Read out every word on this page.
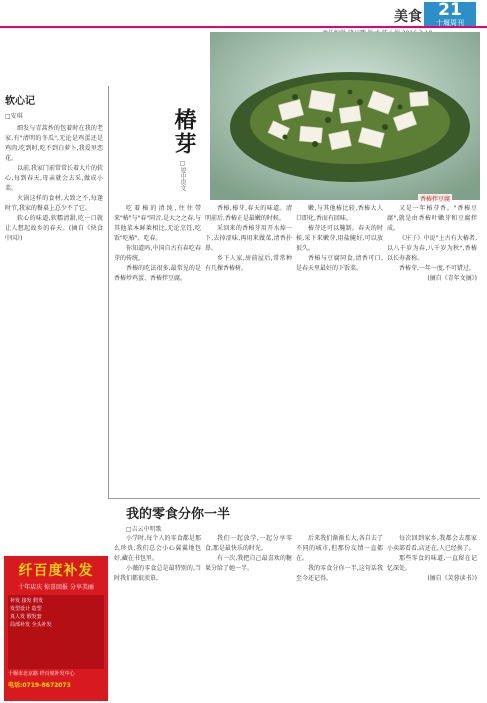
美食 21
十堰周刊
软心记
□安琪

细发与青蒿炒的包着时在我的老家,有"清明的冬瓜",无论是鸡蛋还是鸡肉,吃到时,吃不到白萝卜,我爱里恋花。

以前,我家门前常常长着大片的软心,每到春天,母亲就会去采,做成小菜。

火锅这样的食材,大致之不,每逢时节,我家的餐桌上总少不了它。

软心的味道,软糯清甜,吃一口就让人想起故乡的春天。(摘自《快食中国》)

香椿拌豆腐
椿芽
□晏中贵文

吃着椿的清纯,往往带来"椿"与"春"同音,是大之之春,与其他菜本鲜莱相比,无论烹饪,吃饭"吃椿"、吃春。

你知道吗,中国自古有春吃春芽的传统。

香椿的吃法很多,最常见的是香椿炒鸡蛋、香椿拌豆腐。

香椿,椿芽,春天的味道。清明前后,香椿正是最嫩的时候。

采回来的香椿芽用开水焯一下,去掉涩味,再用来做菜,清香扑鼻。

乡下人家,房前屋后,常常种有几棵香椿树。

嫩,与其他椿比较,香椿大人口即化,香而有回味。

椿芽还可以腌制。春天的时候,采下来嫩芽,用盐腌好,可以放很久。

香椿与豆腐同食,清香可口,是春天里最好的下饭菜。

又是一年椿芽香。"香椿豆腐",就是由香椿叶嫩芽和豆腐拌成。

《庄子》中说"上古有大椿者,以八千岁为春,八千岁为秋",香椿以长寿著称。

香椿芽,一年一度,不可错过。

(摘自《青年文摘》)
我的零食分你一半
□吉云中明歌

小学时,每个人的零食都是那么珍贵,我们总会小心翼翼地包好,藏在书包里。

小薇的零食总是最特别的,当时我们都很羡慕。

我们一起放学,一起分享零食,那是最快乐的时光。

有一次,我把自己最喜欢的糖果分给了她一半。

后来我们渐渐长大,各自去了不同的城市,但那份友情一直都在。

我的零食分你一半,这句话我至今还记得。

每次回到家乡,我都会去那家小卖部看看,店还在,人已经换了。

那些零食的味道,一直留在记忆深处。

(摘自《芙蓉读书》)
纤百度补发
十年店庆 惊喜回报 分享美丽
补发 接发 假发
发型设计 造型
真人发 假发套
局部补发 全头补发
十堰市北京路 纤百度补发中心
电话:0719-8672073
